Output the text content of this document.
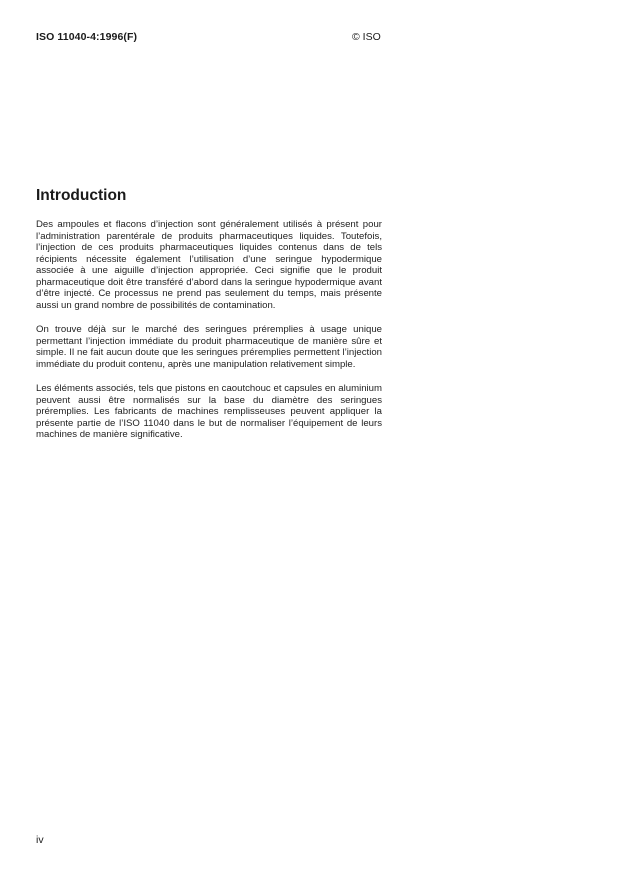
ISO 11040-4:1996(F)	© ISO
Introduction

Des ampoules et flacons d’injection sont généralement utilisés à présent pour l’administration parentérale de produits pharmaceutiques liquides. Toutefois, l’injection de ces produits pharmaceutiques liquides contenus dans de tels récipients nécessite également l’utilisation d’une seringue hypodermique associée à une aiguille d’injection appropriée. Ceci signifie que le produit pharmaceutique doit être transféré d’abord dans la seringue hypodermique avant d’être injecté. Ce processus ne prend pas seulement du temps, mais présente aussi un grand nombre de possibilités de contamination.

On trouve déjà sur le marché des seringues préremplies à usage unique permettant l’injection immédiate du produit pharmaceutique de manière sûre et simple. Il ne fait aucun doute que les seringues préremplies permettent l’injection immédiate du produit contenu, après une manipulation relativement simple.

Les éléments associés, tels que pistons en caoutchouc et capsules en aluminium peuvent aussi être normalisés sur la base du diamètre des seringues préremplies. Les fabricants de machines remplisseuses peuvent appliquer la présente partie de l’ISO 11040 dans le but de normaliser l’équipement de leurs machines de manière significative.

iv
